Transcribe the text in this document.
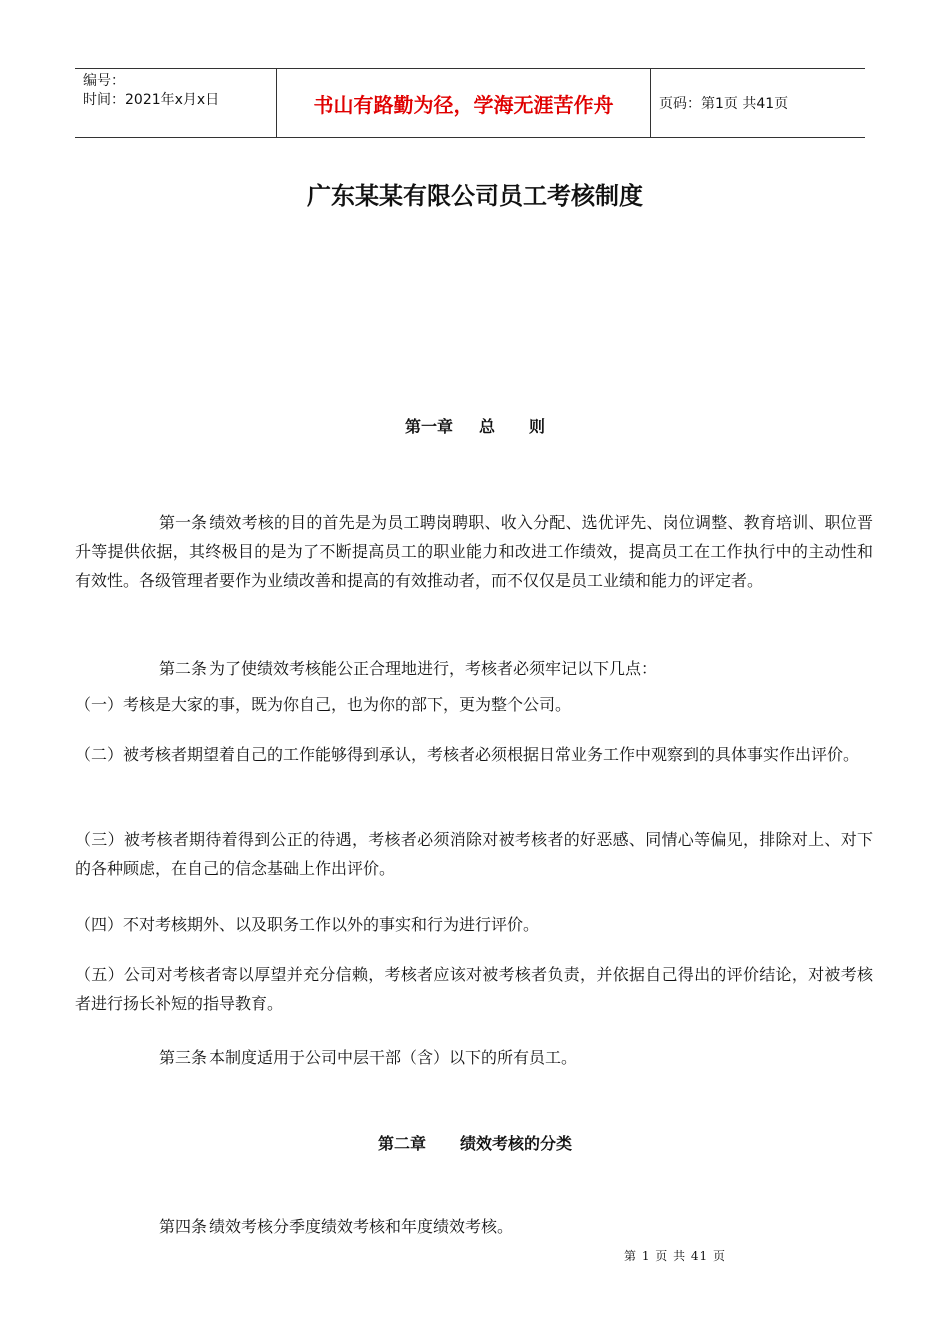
编号：
时间：2021年x月x日	书山有路勤为径，学海无涯苦作舟	页码：第1页 共41页
广东某某有限公司员工考核制度
第一章 总 则
第一条 绩效考核的目的首先是为员工聘岗聘职、收入分配、选优评先、岗位调整、教育培训、职位晋升等提供依据，其终极目的是为了不断提高员工的职业能力和改进工作绩效，提高员工在工作执行中的主动性和有效性。各级管理者要作为业绩改善和提高的有效推动者，而不仅仅是员工业绩和能力的评定者。
第二条 为了使绩效考核能公正合理地进行，考核者必须牢记以下几点：
（一）考核是大家的事，既为你自己，也为你的部下，更为整个公司。
（二）被考核者期望着自己的工作能够得到承认，考核者必须根据日常业务工作中观察到的具体事实作出评价。
（三）被考核者期待着得到公正的待遇，考核者必须消除对被考核者的好恶感、同情心等偏见，排除对上、对下的各种顾虑，在自己的信念基础上作出评价。
（四）不对考核期外、以及职务工作以外的事实和行为进行评价。
（五）公司对考核者寄以厚望并充分信赖，考核者应该对被考核者负责，并依据自己得出的评价结论，对被考核者进行扬长补短的指导教育。
第三条 本制度适用于公司中层干部（含）以下的所有员工。
第二章 绩效考核的分类
第四条 绩效考核分季度绩效考核和年度绩效考核。
第 1 页 共 41 页
